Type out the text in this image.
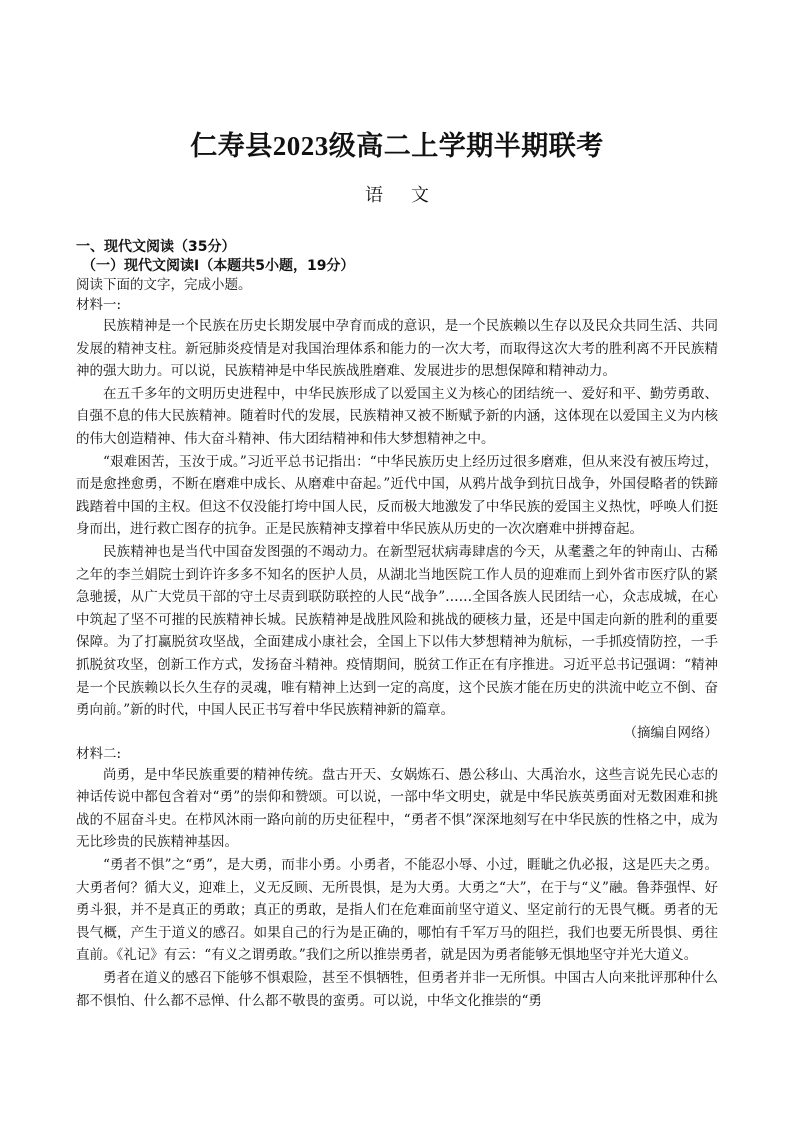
仁寿县2023级高二上学期半期联考
语 文
一、现代文阅读（35分）
（一）现代文阅读Ⅰ（本题共5小题，19分）
阅读下面的文字，完成小题。
材料一:

民族精神是一个民族在历史长期发展中孕育而成的意识，是一个民族赖以生存以及民众共同生活、共同发展的精神支柱。新冠肺炎疫情是对我国治理体系和能力的一次大考，而取得这次大考的胜利离不开民族精神的强大助力。可以说，民族精神是中华民族战胜磨难、发展进步的思想保障和精神动力。

在五千多年的文明历史进程中，中华民族形成了以爱国主义为核心的团结统一、爱好和平、勤劳勇敢、自强不息的伟大民族精神。随着时代的发展，民族精神又被不断赋予新的内涵，这体现在以爱国主义为内核的伟大创造精神、伟大奋斗精神、伟大团结精神和伟大梦想精神之中。

“艰难困苦，玉汝于成。”习近平总书记指出：“中华民族历史上经历过很多磨难，但从来没有被压垮过，而是愈挫愈勇，不断在磨难中成长、从磨难中奋起。”近代中国，从鸦片战争到抗日战争，外国侵略者的铁蹄践踏着中国的主权。但这不仅没能打垮中国人民，反而极大地激发了中华民族的爱国主义热忱，呼唤人们挺身而出，进行救亡图存的抗争。正是民族精神支撑着中华民族从历史的一次次磨难中拼搏奋起。

民族精神也是当代中国奋发图强的不竭动力。在新型冠状病毒肆虐的今天，从耄耋之年的钟南山、古稀之年的李兰娟院士到许许多多不知名的医护人员，从湖北当地医院工作人员的迎难而上到外省市医疗队的紧急驰援，从广大党员干部的守土尽责到联防联控的人民“战争”……全国各族人民团结一心，众志成城，在心中筑起了坚不可摧的民族精神长城。民族精神是战胜风险和挑战的硬核力量，还是中国走向新的胜利的重要保障。为了打赢脱贫攻坚战，全面建成小康社会，全国上下以伟大梦想精神为航标，一手抓疫情防控，一手抓脱贫攻坚，创新工作方式，发扬奋斗精神。疫情期间，脱贫工作正在有序推进。习近平总书记强调：“精神是一个民族赖以长久生存的灵魂，唯有精神上达到一定的高度，这个民族才能在历史的洪流中屹立不倒、奋勇向前。”新的时代，中国人民正书写着中华民族精神新的篇章。

（摘编自网络）
材料二:

尚勇，是中华民族重要的精神传统。盘古开天、女娲炼石、愚公移山、大禹治水，这些言说先民心志的神话传说中都包含着对“勇”的崇仰和赞颂。可以说，一部中华文明史，就是中华民族英勇面对无数困难和挑战的不屈奋斗史。在栉风沐雨一路向前的历史征程中，“勇者不惧”深深地刻写在中华民族的性格之中，成为无比珍贵的民族精神基因。

“勇者不惧”之“勇”，是大勇，而非小勇。小勇者，不能忍小辱、小过，睚眦之仇必报，这是匹夫之勇。大勇者何？循大义，迎难上，义无反顾、无所畏惧，是为大勇。大勇之“大”，在于与“义”融。鲁莽强悍、好勇斗狠，并不是真正的勇敢；真正的勇敢，是指人们在危难面前坚守道义、坚定前行的无畏气概。勇者的无畏气概，产生于道义的感召。如果自己的行为是正确的，哪怕有千军万马的阻拦，我们也要无所畏惧、勇往直前。《礼记》有云：“有义之谓勇敢。”我们之所以推崇勇者，就是因为勇者能够无惧地坚守并光大道义。

勇者在道义的感召下能够不惧艰险，甚至不惧牺牲，但勇者并非一无所惧。中国古人向来批评那种什么都不惧怕、什么都不忌惮、什么都不敬畏的蛮勇。可以说，中华文化推崇的“勇
